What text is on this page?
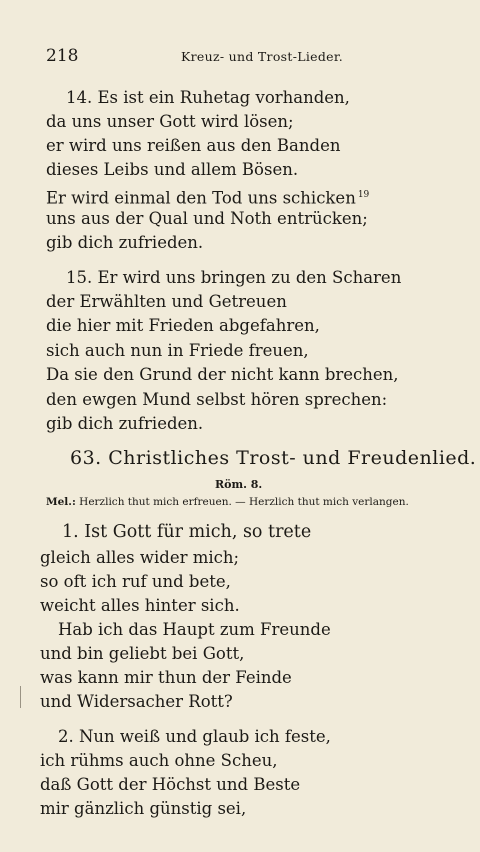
218	Kreuz- und Trost-Lieder.
14. Es ist ein Ruhetag vorhanden,
da uns unser Gott wird lösen;
er wird uns reißen aus den Banden
dieses Leibs und allem Bösen.
Er wird einmal den Tod uns schicken $^{19}$
uns aus der Qual und Noth entrücken;
gib dich zufrieden.
15. Er wird uns bringen zu den Scharen
der Erwählten und Getreuen
die hier mit Frieden abgefahren,
sich auch nun in Friede freuen,
Da sie den Grund der nicht kann brechen,
den ewgen Mund selbst hören sprechen:
gib dich zufrieden.
63. Christliches Trost- und Freudenlied.
Röm. 8.
Mel.: Herzlich thut mich erfreuen. — Herzlich thut mich verlangen.
1. Ist Gott für mich, so trete
gleich alles wider mich;
so oft ich ruf und bete,
weicht alles hinter sich.
Hab ich das Haupt zum Freunde
und bin geliebt bei Gott,
was kann mir thun der Feinde
und Widersacher Rott?
2. Nun weiß und glaub ich feste,
ich rühms auch ohne Scheu,
daß Gott der Höchst und Beste
mir gänzlich günstig sei,
